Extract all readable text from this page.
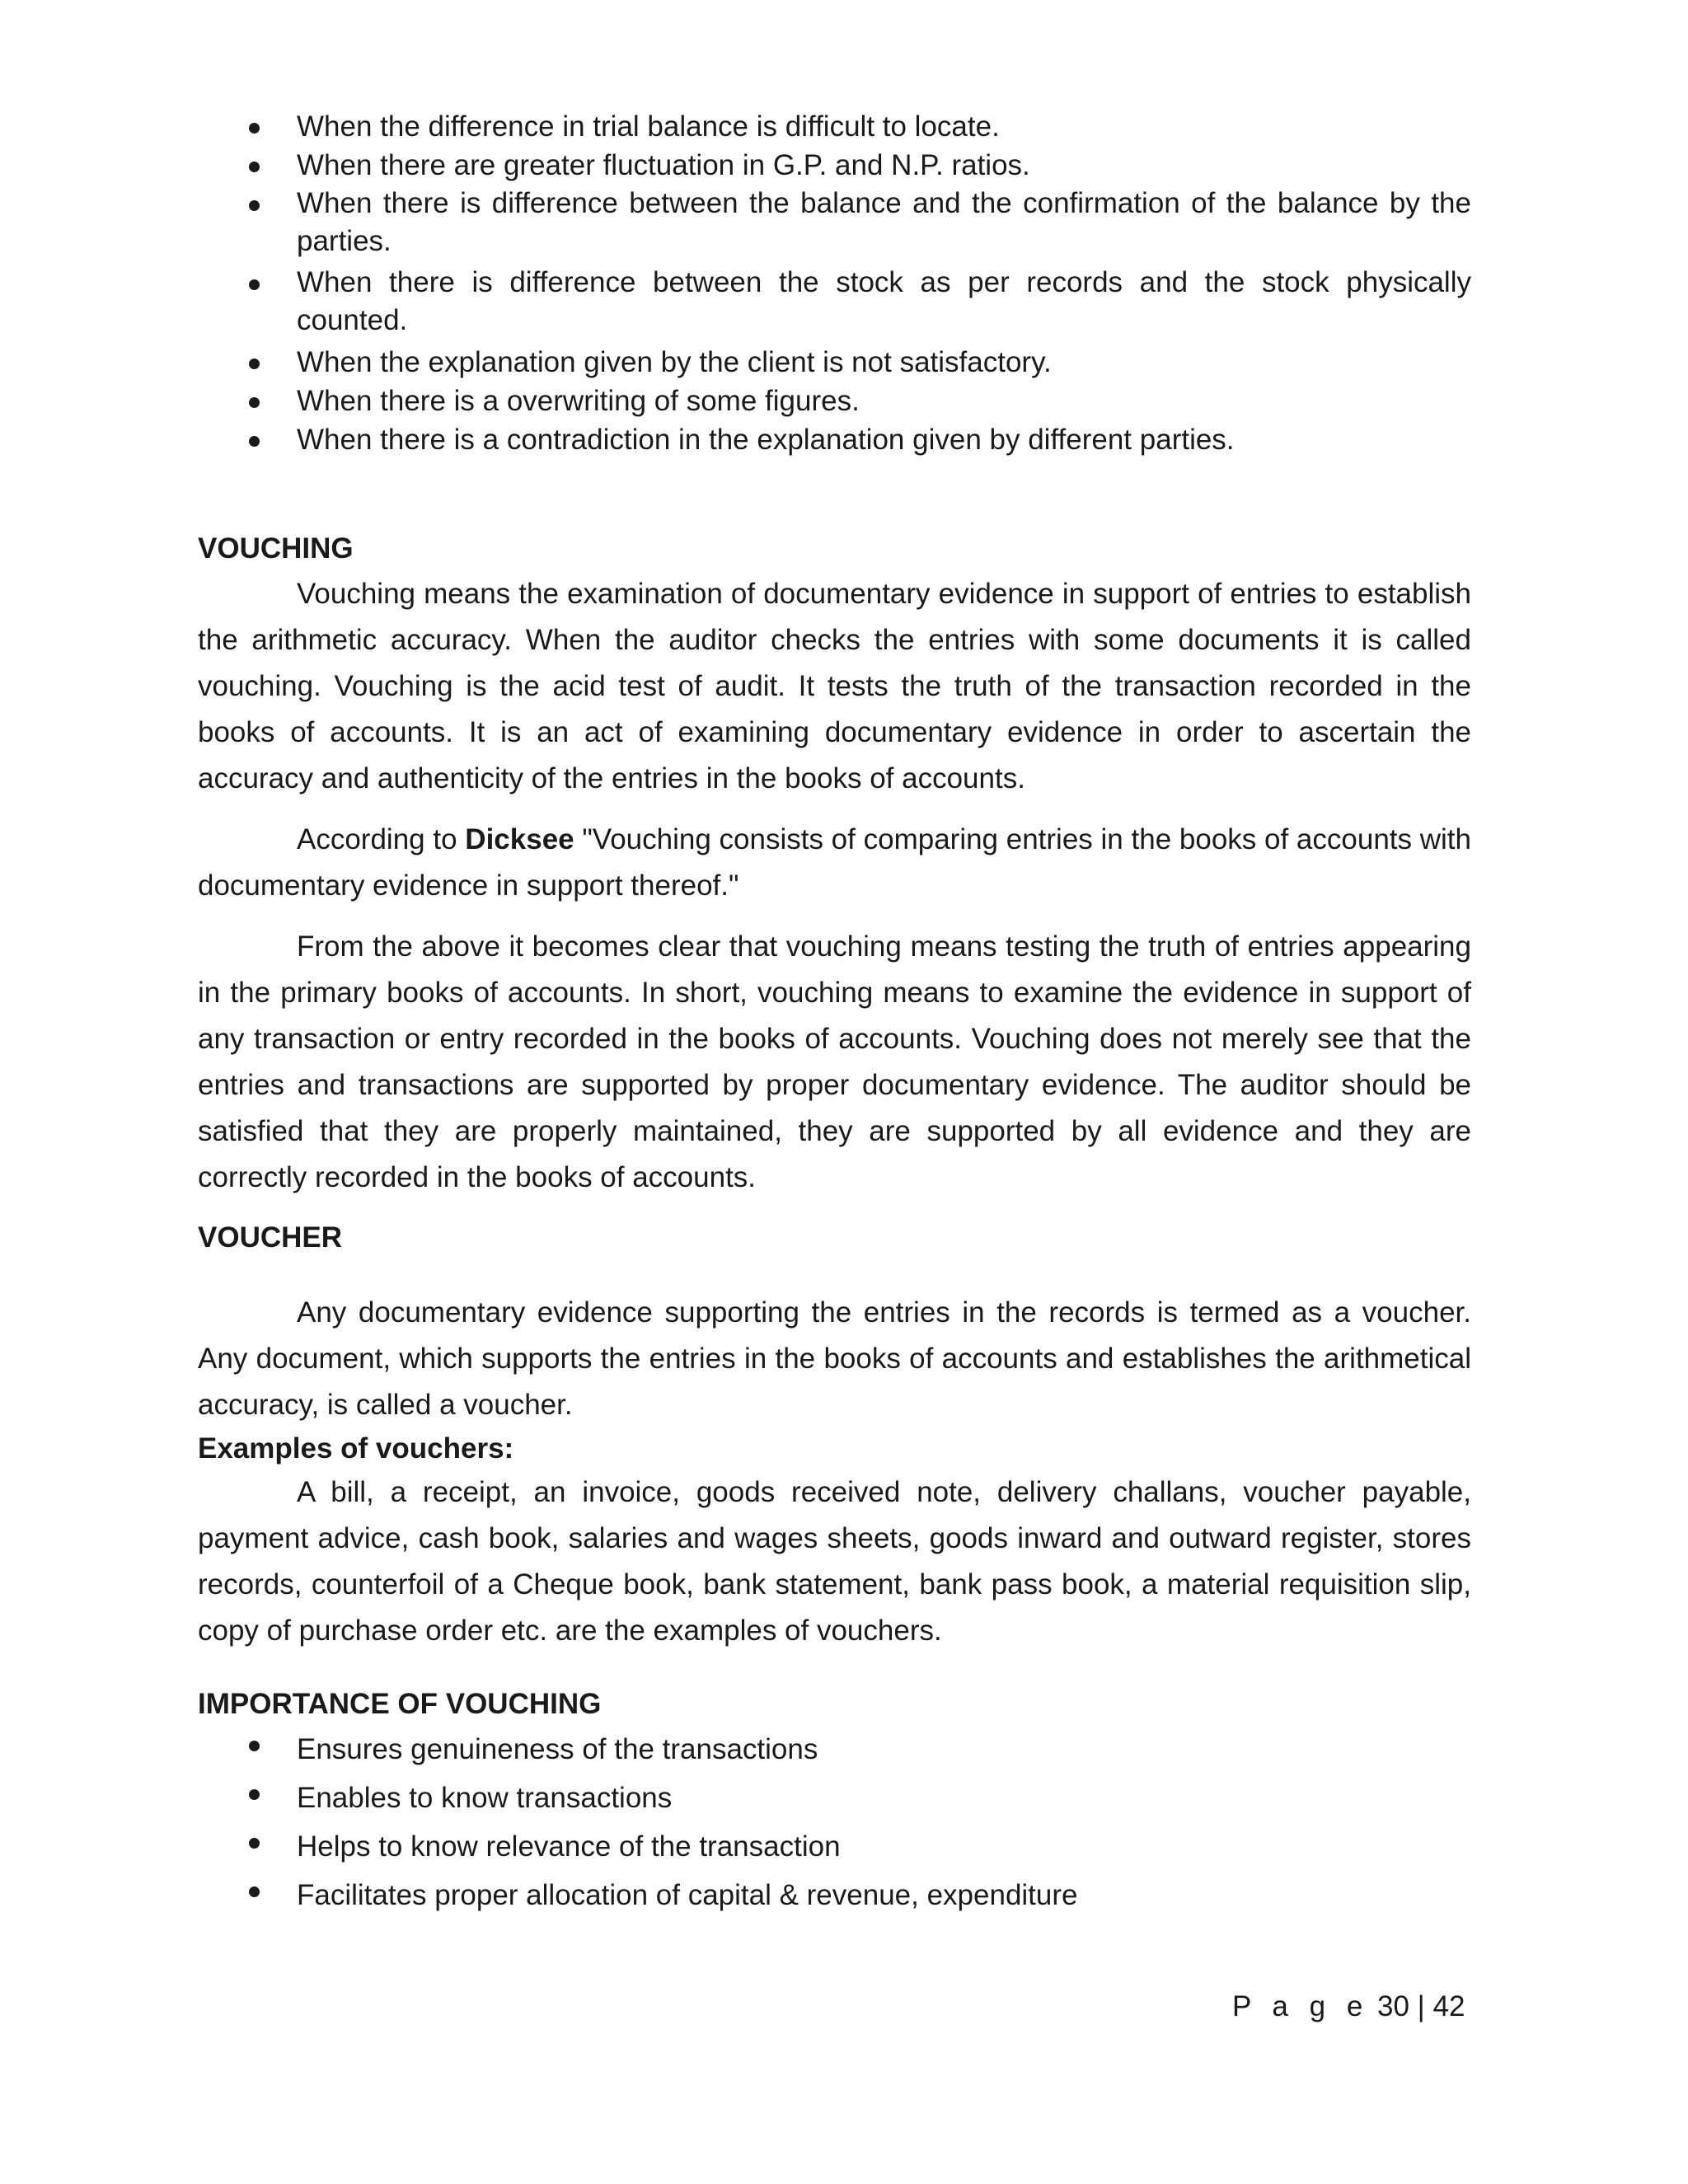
When the difference in trial balance is difficult to locate.
When there are greater fluctuation in G.P. and N.P. ratios.
When there is difference between the balance and the confirmation of the balance by the parties.
When there is difference between the stock as per records and the stock physically counted.
When the explanation given by the client is not satisfactory.
When there is a overwriting of some figures.
When there is a contradiction in the explanation given by different parties.
VOUCHING

Vouching means the examination of documentary evidence in support of entries to establish the arithmetic accuracy. When the auditor checks the entries with some documents it is called vouching. Vouching is the acid test of audit. It tests the truth of the transaction recorded in the books of accounts. It is an act of examining documentary evidence in order to ascertain the accuracy and authenticity of the entries in the books of accounts.

According to Dicksee "Vouching consists of comparing entries in the books of accounts with documentary evidence in support thereof."

From the above it becomes clear that vouching means testing the truth of entries appearing in the primary books of accounts. In short, vouching means to examine the evidence in support of any transaction or entry recorded in the books of accounts. Vouching does not merely see that the entries and transactions are supported by proper documentary evidence. The auditor should be satisfied that they are properly maintained, they are supported by all evidence and they are correctly recorded in the books of accounts.

VOUCHER

Any documentary evidence supporting the entries in the records is termed as a voucher. Any document, which supports the entries in the books of accounts and establishes the arithmetical accuracy, is called a voucher.

Examples of vouchers:

A bill, a receipt, an invoice, goods received note, delivery challans, voucher payable, payment advice, cash book, salaries and wages sheets, goods inward and outward register, stores records, counterfoil of a Cheque book, bank statement, bank pass book, a material requisition slip, copy of purchase order etc. are the examples of vouchers.

IMPORTANCE OF VOUCHING
Ensures genuineness of the transactions
Enables to know transactions
Helps to know relevance of the transaction
Facilitates proper allocation of capital & revenue, expenditure
P a g e 30 | 42
